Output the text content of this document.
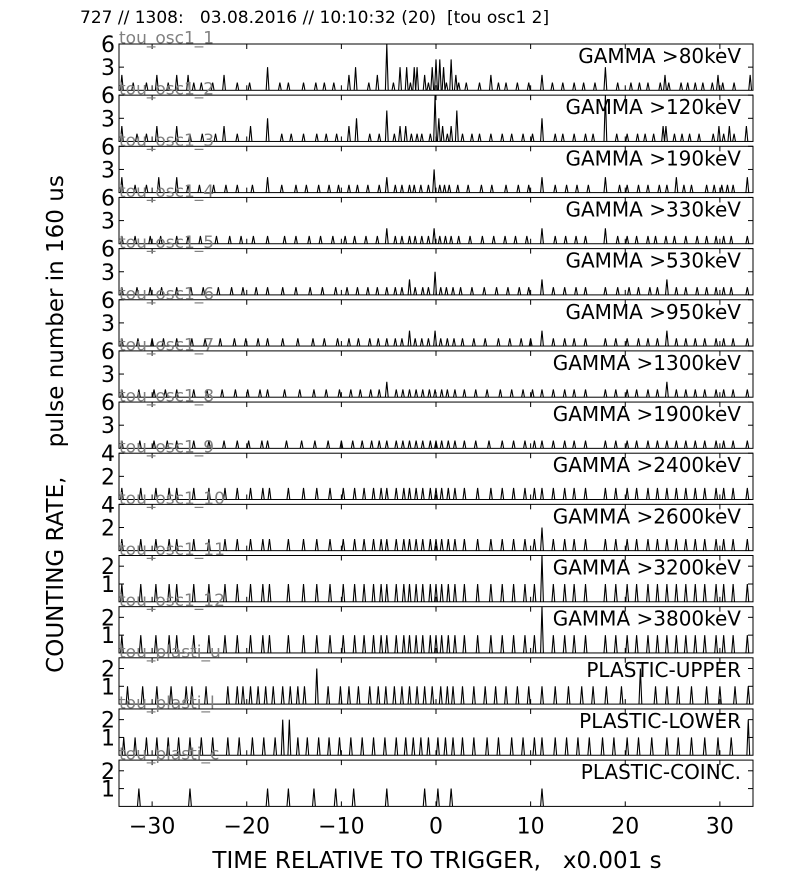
727 // 1308:   03.08.2016 // 10:10:32 (20)  [tou osc1 2]
3
6	GAMMA >80keV
tou_osc1_1
3
6	GAMMA >120keV
tou_osc1_2
3
6	GAMMA >190keV
tou_osc1_3
3
6	GAMMA >330keV
tou_osc1_4
3
6	GAMMA >530keV
tou_osc1_5
3
6	GAMMA >950keV
tou_osc1_6
3
6	GAMMA >1300keV
tou_osc1_7
3
6	GAMMA >1900keV
tou_osc1_8
2
4	GAMMA >2400keV
tou_osc1_9
2
4	GAMMA >2600keV
tou_osc1_10
1
2	GAMMA >3200keV
tou_osc1_11
1
2	GAMMA >3800keV
tou_osc1_12
1
2	PLASTIC-UPPER
tou_plasti_u
1
2	PLASTIC-LOWER
tou_plasti_l
1
2	PLASTIC-COINC.
tou_plasti_c
−30 −20 −10	0	10	20	30
COUNTING RATE,    pulse number in 160 us
TIME RELATIVE TO TRIGGER,   x0.001 s
